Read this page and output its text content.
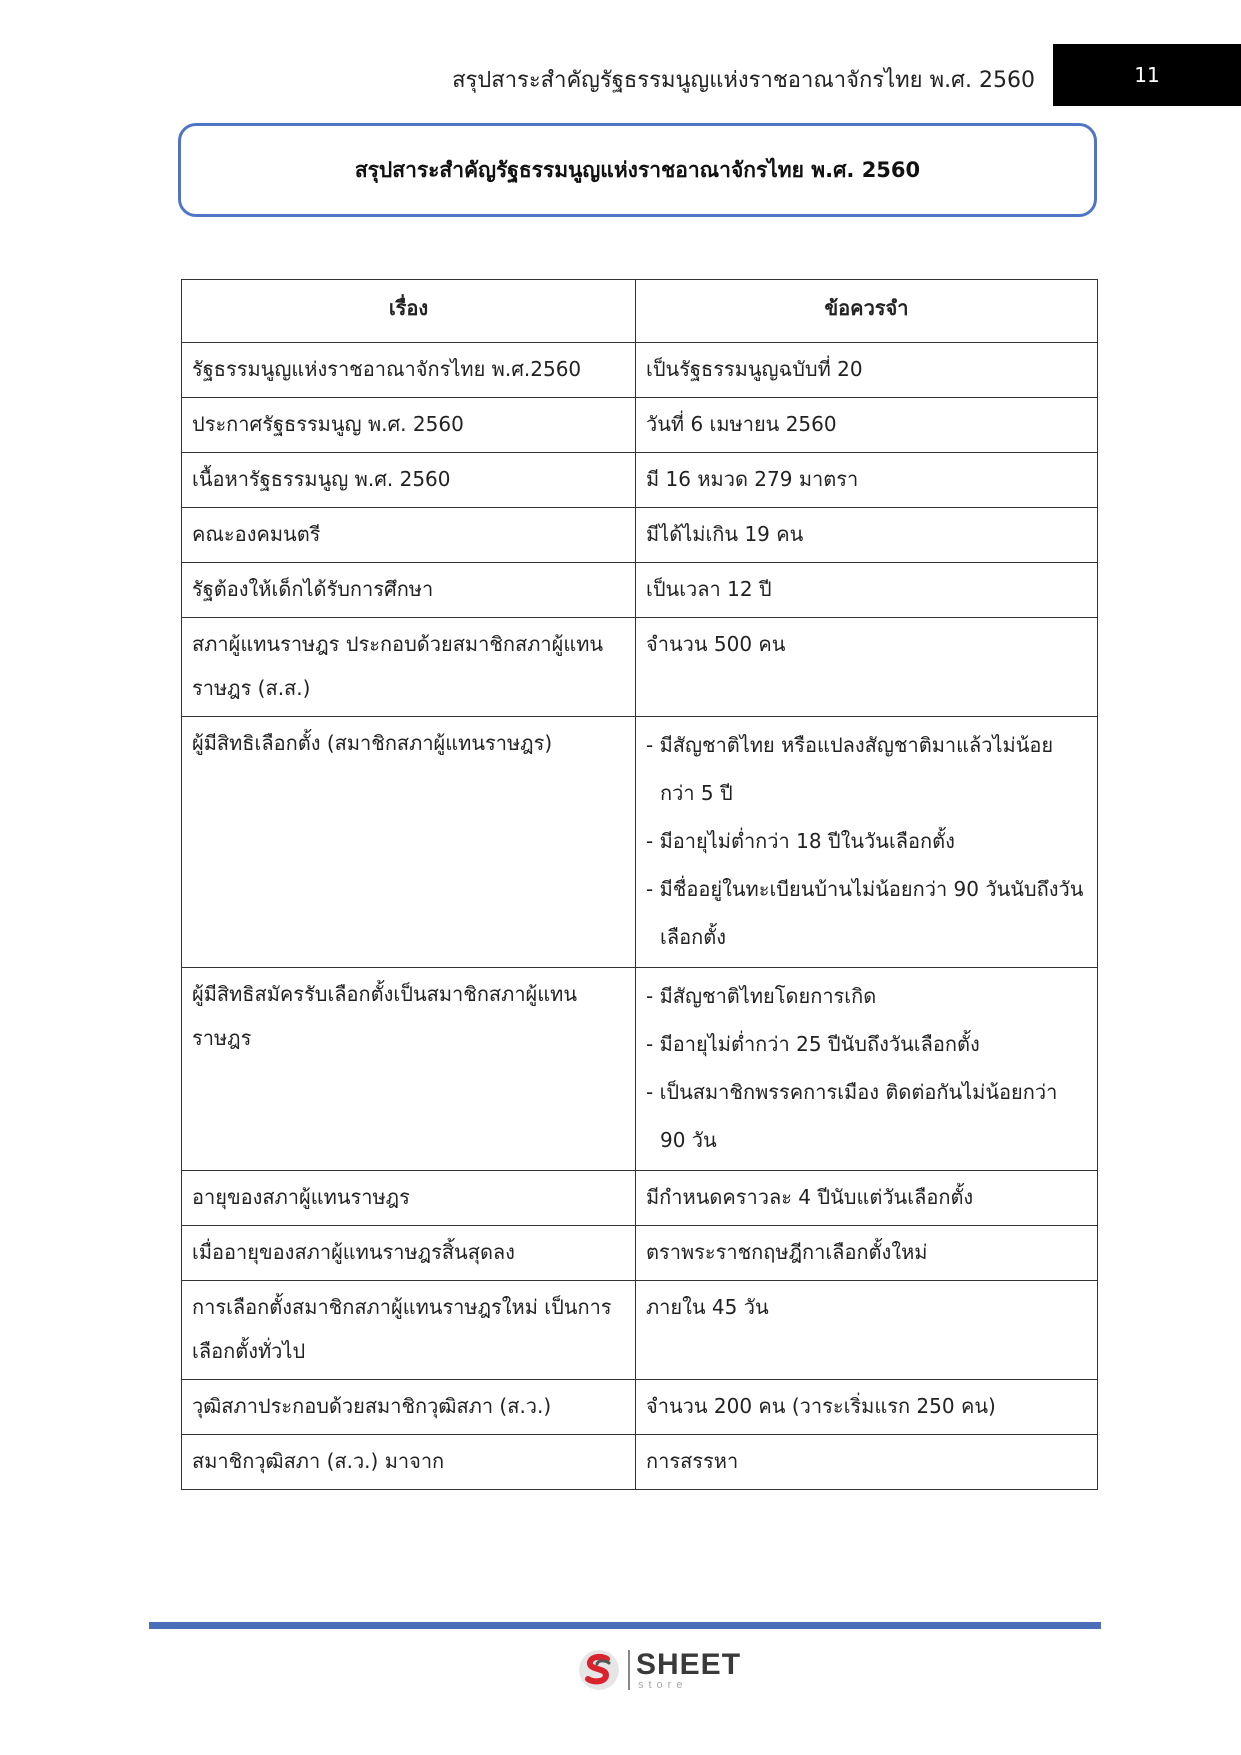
สรุปสาระสำคัญรัฐธรรมนูญแห่งราชอาณาจักรไทย พ.ศ. 2560	11
สรุปสาระสำคัญรัฐธรรมนูญแห่งราชอาณาจักรไทย พ.ศ. 2560
เรื่อง	ข้อควรจำ
รัฐธรรมนูญแห่งราชอาณาจักรไทย พ.ศ.2560	เป็นรัฐธรรมนูญฉบับที่ 20
ประกาศรัฐธรรมนูญ พ.ศ. 2560	วันที่ 6 เมษายน 2560
เนื้อหารัฐธรรมนูญ พ.ศ. 2560	มี 16 หมวด 279 มาตรา
คณะองคมนตรี	มีได้ไม่เกิน 19 คน
รัฐต้องให้เด็กได้รับการศึกษา	เป็นเวลา 12 ปี
สภาผู้แทนราษฎร ประกอบด้วยสมาชิกสภาผู้แทนราษฎร (ส.ส.)	จำนวน 500 คน
ผู้มีสิทธิเลือกตั้ง (สมาชิกสภาผู้แทนราษฎร)	- มีสัญชาติไทย หรือแปลงสัญชาติมาแล้วไม่น้อยกว่า 5 ปี
- มีอายุไม่ต่ำกว่า 18 ปีในวันเลือกตั้ง
- มีชื่ออยู่ในทะเบียนบ้านไม่น้อยกว่า 90 วันนับถึงวันเลือกตั้ง

ผู้มีสิทธิสมัครรับเลือกตั้งเป็นสมาชิกสภาผู้แทนราษฎร	- มีสัญชาติไทยโดยการเกิด
- มีอายุไม่ต่ำกว่า 25 ปีนับถึงวันเลือกตั้ง
- เป็นสมาชิกพรรคการเมือง ติดต่อกันไม่น้อยกว่า 90 วัน

อายุของสภาผู้แทนราษฎร	มีกำหนดคราวละ 4 ปีนับแต่วันเลือกตั้ง
เมื่ออายุของสภาผู้แทนราษฎรสิ้นสุดลง	ตราพระราชกฤษฎีกาเลือกตั้งใหม่
การเลือกตั้งสมาชิกสภาผู้แทนราษฎรใหม่ เป็นการเลือกตั้งทั่วไป	ภายใน 45 วัน
วุฒิสภาประกอบด้วยสมาชิกวุฒิสภา (ส.ว.)	จำนวน 200 คน (วาระเริ่มแรก 250 คน)
สมาชิกวุฒิสภา (ส.ว.) มาจาก	การสรรหา
SHEET
store
